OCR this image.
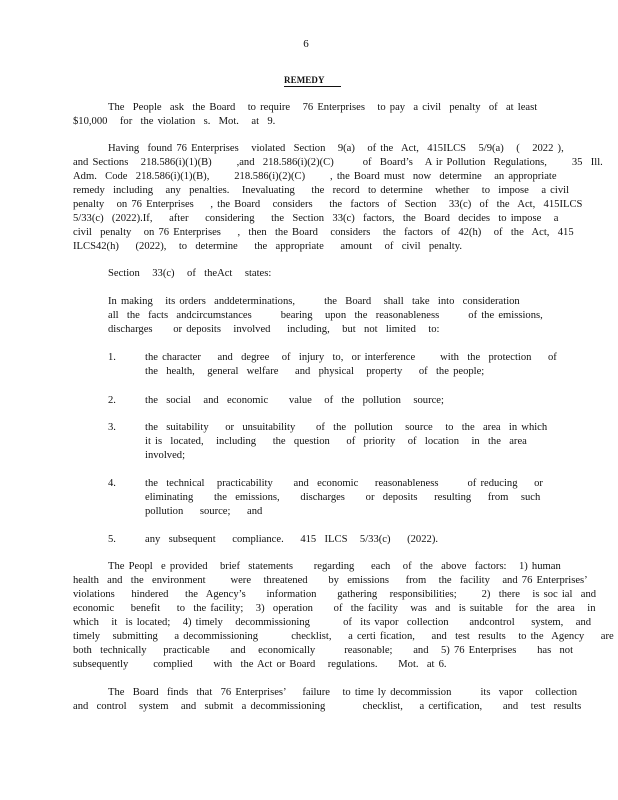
6
REMEDY
The  People  ask  the Board   to require   76 Enterprises   to pay  a civil  penalty  of  at least
$10,000   for  the violation  s.  Mot.   at  9.
Having  found 76 Enterprises   violated  Section   9(a)   of the  Act,  415ILCS   5/9(a)   (   2022 ),
and Sections   218.586(i)(1)(B)      ,and  218.586(i)(2)(C)       of  Board’s   A ir Pollution  Regulations,      35  Ill.
Adm.  Code  218.586(i)(1)(B),      218.586(i)(2)(C)      , the Board must  now  determine   an appropriate
remedy  including   any  penalties.   Inevaluating    the  record  to determine   whether   to  impose   a civil
penalty   on 76 Enterprises    , the Board   considers    the  factors  of  Section   33(c)  of  the  Act,  415ILCS
5/33(c)  (2022).If,    after    considering    the  Section  33(c)  factors,  the  Board  decides  to impose   a
civil  penalty   on 76 Enterprises    ,  then  the Board   considers   the  factors  of  42(h)   of  the  Act,  415
ILCS42(h)    (2022),   to  determine    the  appropriate    amount   of  civil  penalty.
Section   33(c)   of  theAct   states:
In making   its orders  anddeterminations,       the  Board   shall  take  into  consideration
all  the  facts  andcircumstances       bearing   upon  the  reasonableness       of the emissions,
discharges     or deposits   involved    including,   but  not  limited   to:
1.	the character    and  degree   of  injury  to,  or interference      with  the  protection    of
the  health,   general  welfare    and  physical   property    of  the people;
2.	the  social   and  economic     value   of  the  pollution   source;
3.	the  suitability    or  unsuitability     of  the  pollution   source   to  the  area  in which
it is  located,   including    the  question    of  priority   of  location   in  the  area
involved;
4.	the  technical   practicability     and  economic    reasonableness       of reducing    or
eliminating     the  emissions,     discharges     or  deposits    resulting    from   such
pollution    source;    and
5.	any  subsequent    compliance.    415  ILCS   5/33(c)    (2022).
The Peopl  e provided   brief  statements     regarding    each   of  the  above  factors:   1) human
health  and  the  environment      were   threatened     by  emissions    from   the  facility   and 76 Enterprises’
violations    hindered    the  Agency’s     information     gathering   responsibilities;      2)  there   is soc ial  and
economic    benefit    to  the facility;   3)  operation     of  the facility   was  and  is suitable   for  the  area   in
which   it  is located;   4) timely   decommissioning        of  its vapor  collection     andcontrol    system,   and
timely   submitting    a decommissioning        checklist,    a certi fication,    and  test  results   to the  Agency    are
both  technically    practicable     and   economically       reasonable;     and   5) 76 Enterprises     has  not
subsequently      complied     with  the Act or Board   regulations.     Mot.  at 6.
The  Board  finds  that  76 Enterprises’    failure   to time ly decommission       its  vapor   collection
and  control   system   and  submit  a decommissioning         checklist,    a certification,     and   test  results
